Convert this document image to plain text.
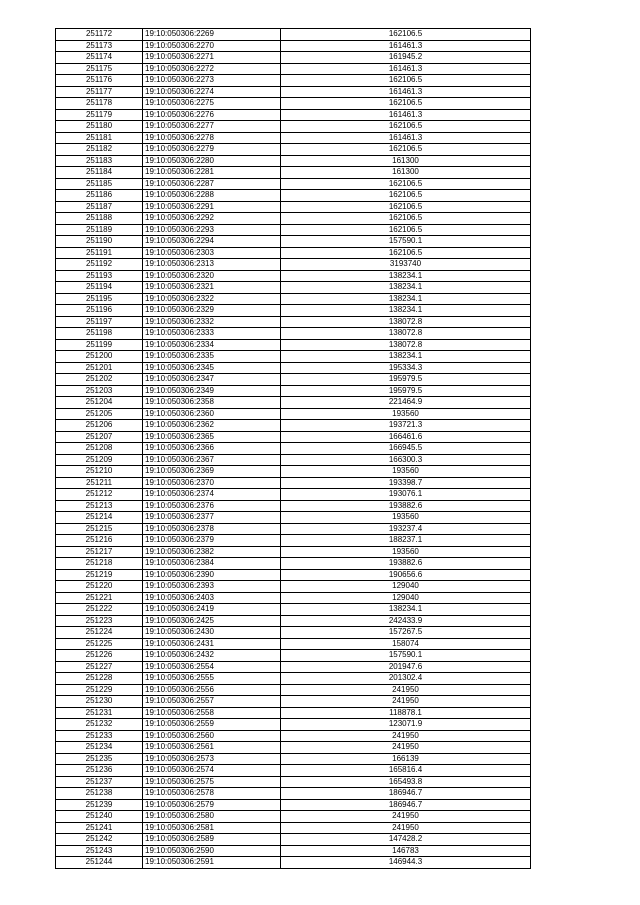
251172	19:10:050306:2269	162106.5
251173	19:10:050306:2270	161461.3
251174	19:10:050306:2271	161945.2
251175	19:10:050306:2272	161461.3
251176	19:10:050306:2273	162106.5
251177	19:10:050306:2274	161461.3
251178	19:10:050306:2275	162106.5
251179	19:10:050306:2276	161461.3
251180	19:10:050306:2277	162106.5
251181	19:10:050306:2278	161461.3
251182	19:10:050306:2279	162106.5
251183	19:10:050306:2280	161300
251184	19:10:050306:2281	161300
251185	19:10:050306:2287	162106.5
251186	19:10:050306:2288	162106.5
251187	19:10:050306:2291	162106.5
251188	19:10:050306:2292	162106.5
251189	19:10:050306:2293	162106.5
251190	19:10:050306:2294	157590.1
251191	19:10:050306:2303	162106.5
251192	19:10:050306:2313	3193740
251193	19:10:050306:2320	138234.1
251194	19:10:050306:2321	138234.1
251195	19:10:050306:2322	138234.1
251196	19:10:050306:2329	138234.1
251197	19:10:050306:2332	138072.8
251198	19:10:050306:2333	138072.8
251199	19:10:050306:2334	138072.8
251200	19:10:050306:2335	138234.1
251201	19:10:050306:2345	195334.3
251202	19:10:050306:2347	195979.5
251203	19:10:050306:2349	195979.5
251204	19:10:050306:2358	221464.9
251205	19:10:050306:2360	193560
251206	19:10:050306:2362	193721.3
251207	19:10:050306:2365	166461.6
251208	19:10:050306:2366	166945.5
251209	19:10:050306:2367	166300.3
251210	19:10:050306:2369	193560
251211	19:10:050306:2370	193398.7
251212	19:10:050306:2374	193076.1
251213	19:10:050306:2376	193882.6
251214	19:10:050306:2377	193560
251215	19:10:050306:2378	193237.4
251216	19:10:050306:2379	188237.1
251217	19:10:050306:2382	193560
251218	19:10:050306:2384	193882.6
251219	19:10:050306:2390	190656.6
251220	19:10:050306:2393	129040
251221	19:10:050306:2403	129040
251222	19:10:050306:2419	138234.1
251223	19:10:050306:2425	242433.9
251224	19:10:050306:2430	157267.5
251225	19:10:050306:2431	158074
251226	19:10:050306:2432	157590.1
251227	19:10:050306:2554	201947.6
251228	19:10:050306:2555	201302.4
251229	19:10:050306:2556	241950
251230	19:10:050306:2557	241950
251231	19:10:050306:2558	118878.1
251232	19:10:050306:2559	123071.9
251233	19:10:050306:2560	241950
251234	19:10:050306:2561	241950
251235	19:10:050306:2573	166139
251236	19:10:050306:2574	165816.4
251237	19:10:050306:2575	165493.8
251238	19:10:050306:2578	186946.7
251239	19:10:050306:2579	186946.7
251240	19:10:050306:2580	241950
251241	19:10:050306:2581	241950
251242	19:10:050306:2589	147428.2
251243	19:10:050306:2590	146783
251244	19:10:050306:2591	146944.3
